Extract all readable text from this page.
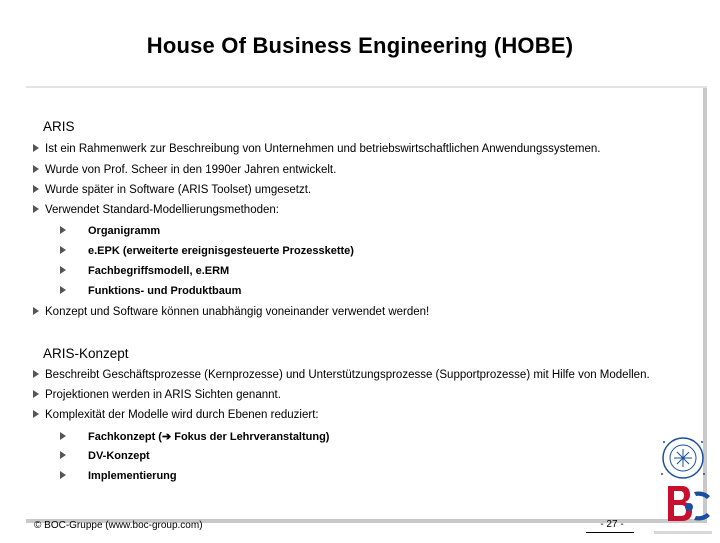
House Of Business Engineering (HOBE)
ARIS
Ist ein Rahmenwerk zur Beschreibung von Unternehmen und betriebswirtschaftlichen Anwendungssystemen.
Wurde von Prof. Scheer in den 1990er Jahren entwickelt.
Wurde später in Software (ARIS Toolset) umgesetzt.
Verwendet Standard-Modellierungsmethoden:
Organigramm
e.EPK (erweiterte ereignisgesteuerte Prozesskette)
Fachbegriffsmodell, e.ERM
Funktions- und Produktbaum
Konzept und Software können unabhängig voneinander verwendet werden!
ARIS-Konzept
Beschreibt Geschäftsprozesse (Kernprozesse) und Unterstützungsprozesse (Supportprozesse) mit Hilfe von Modellen.
Projektionen werden in ARIS Sichten genannt.
Komplexität der Modelle wird durch Ebenen reduziert:
Fachkonzept (➔ Fokus der Lehrveranstaltung)
DV-Konzept
Implementierung
© BOC-Gruppe (www.boc-group.com)	- 27 -
